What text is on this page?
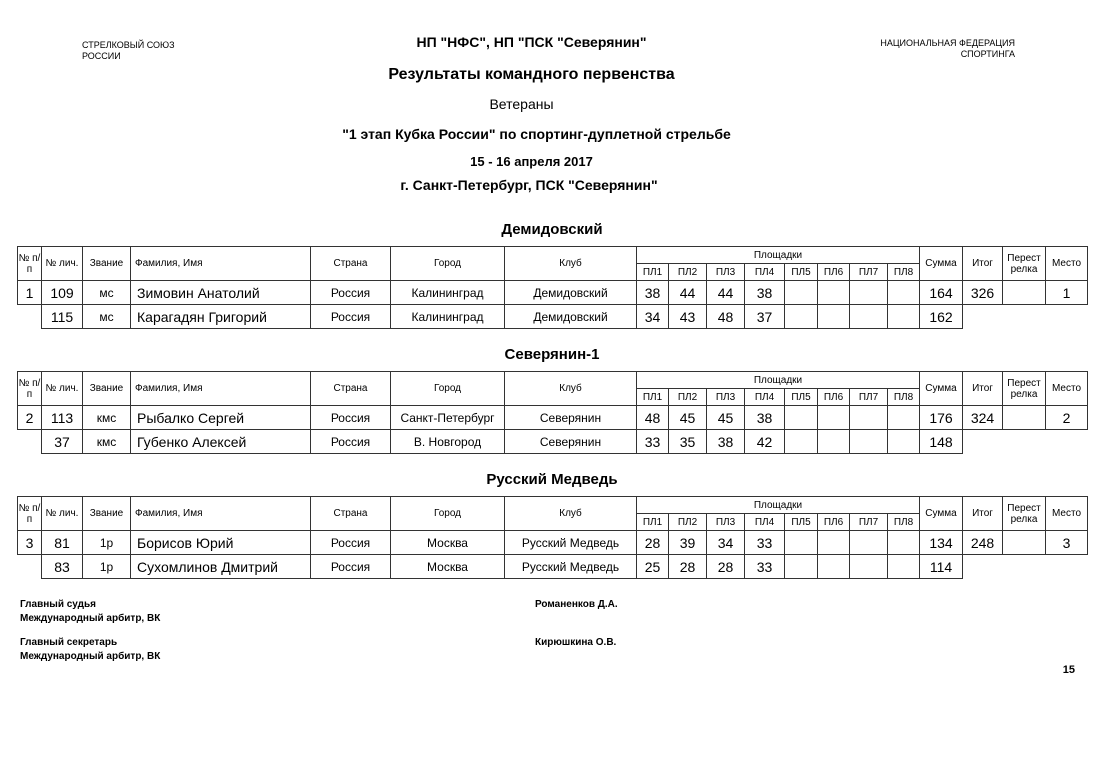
СТРЕЛКОВЫЙ СОЮЗ
РОССИИ
НП "НФС", НП "ПСК "Северянин"	НАЦИОНАЛЬНАЯ ФЕДЕРАЦИЯ
СПОРТИНГА
Результаты командного первенства
Ветераны
"1 этап Кубка России" по спортинг-дуплетной стрельбе
15 - 16 апреля 2017
г. Санкт-Петербург, ПСК "Северянин"
Демидовский
№ п/п	№ лич.	Звание	Фамилия, Имя	Страна	Город	Клуб	Площадки								Сумма	Итог	Перест релка	Место
							ПЛ1	ПЛ2	ПЛ3	ПЛ4	ПЛ5	ПЛ6	ПЛ7	ПЛ8				
1	109	мс	Зимовин Анатолий	Россия	Калининград	Демидовский	38	44	44	38					164	326		1
	115	мс	Карагадян Григорий	Россия	Калининград	Демидовский	34	43	48	37					162			
Северянин-1
№ п/п	№ лич.	Звание	Фамилия, Имя	Страна	Город	Клуб	Площадки								Сумма	Итог	Перест релка	Место
							ПЛ1	ПЛ2	ПЛ3	ПЛ4	ПЛ5	ПЛ6	ПЛ7	ПЛ8				
2	113	кмс	Рыбалко Сергей	Россия	Санкт-Петербург	Северянин	48	45	45	38					176	324		2
	37	кмс	Губенко Алексей	Россия	В. Новгород	Северянин	33	35	38	42					148			
Русский Медведь
№ п/п	№ лич.	Звание	Фамилия, Имя	Страна	Город	Клуб	Площадки								Сумма	Итог	Перест релка	Место
							ПЛ1	ПЛ2	ПЛ3	ПЛ4	ПЛ5	ПЛ6	ПЛ7	ПЛ8				
3	81	1р	Борисов Юрий	Россия	Москва	Русский Медведь	28	39	34	33					134	248		3
	83	1р	Сухомлинов Дмитрий	Россия	Москва	Русский Медведь	25	28	28	33					114			
Главный судья
Международный арбитр, ВК
Романенков Д.А.
Главный секретарь
Международный арбитр, ВК
Кирюшкина О.В.
15
